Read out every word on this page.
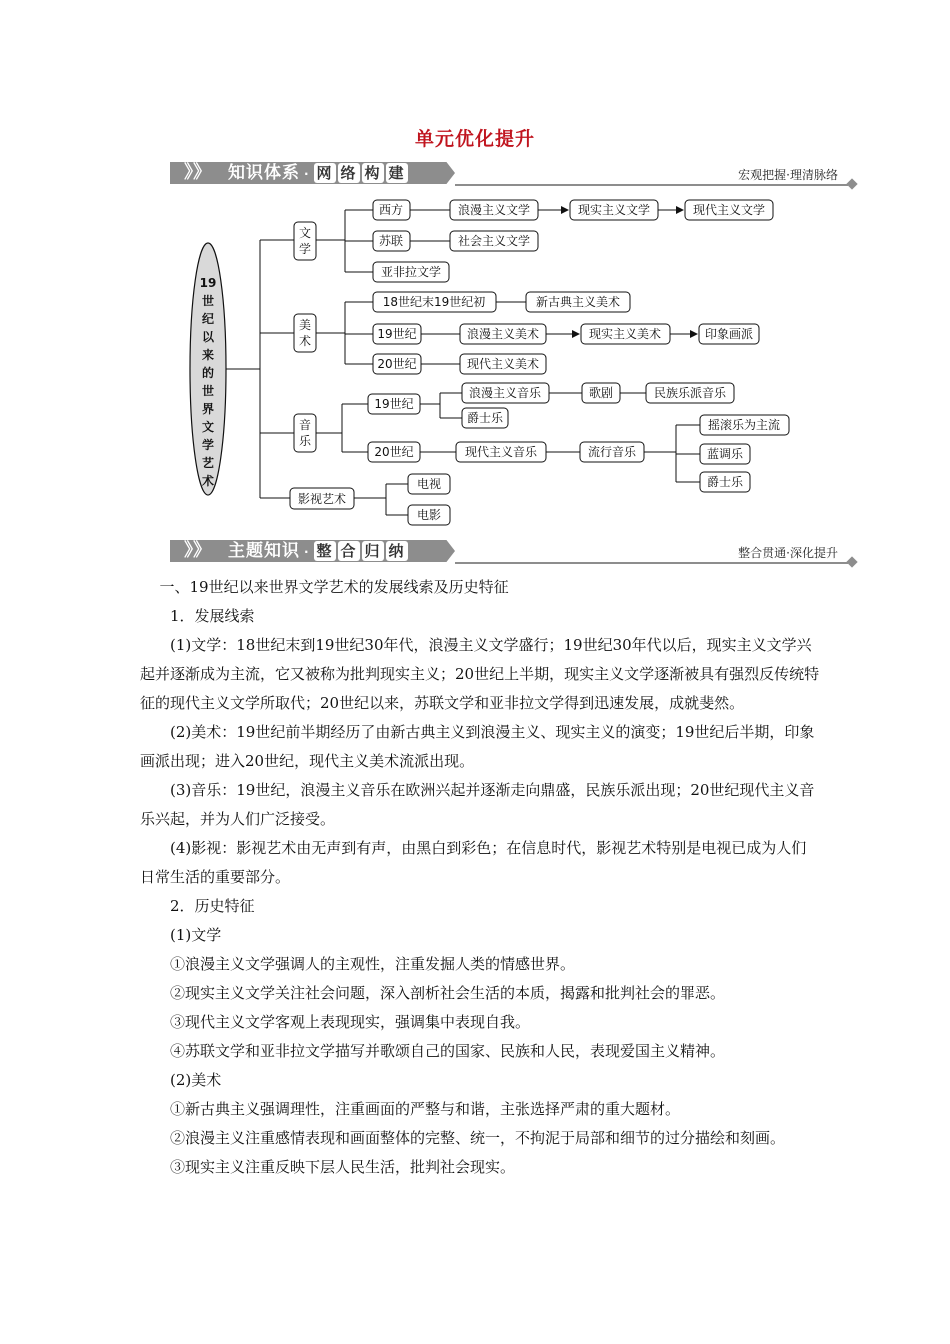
单元优化提升
》》 知识体系 · 网 络 构 建	宏观把握·理清脉络
19
世
纪
以
来
的
世
界
文
学
艺
术
文
学
美
术
音
乐
影视艺术
西方	浪漫主义文学	现实主义文学	现代主义文学
苏联	社会主义文学
亚非拉文学
18世纪末19世纪初	新古典主义美术
19世纪	浪漫主义美术	现实主义美术	印象画派
20世纪	现代主义美术
19世纪
浪漫主义音乐	歌剧	民族乐派音乐
爵士乐
20世纪	现代主义音乐	流行音乐
摇滚乐为主流
蓝调乐
爵士乐
电视
电影
》》 主题知识 · 整 合 归 纳	整合贯通·深化提升

一、19世纪以来世界文学艺术的发展线索及历史特征

1．发展线索

(1)文学：18世纪末到19世纪30年代，浪漫主义文学盛行；19世纪30年代以后，现实主义文学兴起并逐渐成为主流，它又被称为批判现实主义；20世纪上半期，现实主义文学逐渐被具有强烈反传统特征的现代主义文学所取代；20世纪以来，苏联文学和亚非拉文学得到迅速发展，成就斐然。

(2)美术：19世纪前半期经历了由新古典主义到浪漫主义、现实主义的演变；19世纪后半期，印象画派出现；进入20世纪，现代主义美术流派出现。

(3)音乐：19世纪，浪漫主义音乐在欧洲兴起并逐渐走向鼎盛，民族乐派出现；20世纪现代主义音乐兴起，并为人们广泛接受。

(4)影视：影视艺术由无声到有声，由黑白到彩色；在信息时代，影视艺术特别是电视已成为人们日常生活的重要部分。

2．历史特征

(1)文学

①浪漫主义文学强调人的主观性，注重发掘人类的情感世界。

②现实主义文学关注社会问题，深入剖析社会生活的本质，揭露和批判社会的罪恶。

③现代主义文学客观上表现现实，强调集中表现自我。

④苏联文学和亚非拉文学描写并歌颂自己的国家、民族和人民，表现爱国主义精神。

(2)美术

①新古典主义强调理性，注重画面的严整与和谐，主张选择严肃的重大题材。

②浪漫主义注重感情表现和画面整体的完整、统一，不拘泥于局部和细节的过分描绘和刻画。

③现实主义注重反映下层人民生活，批判社会现实。
